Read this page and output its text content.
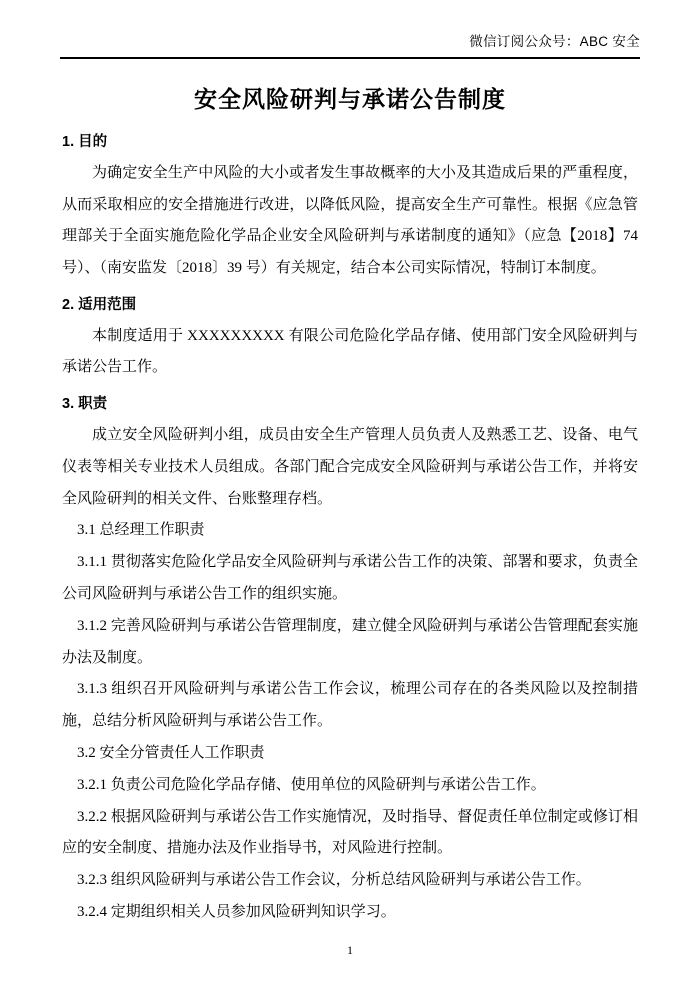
微信订阅公众号：ABC 安全
安全风险研判与承诺公告制度
1. 目的

为确定安全生产中风险的大小或者发生事故概率的大小及其造成后果的严重程度，从而采取相应的安全措施进行改进，以降低风险，提高安全生产可靠性。根据《应急管理部关于全面实施危险化学品企业安全风险研判与承诺制度的通知》（应急【2018】74号）、（南安监发〔2018〕39 号）有关规定，结合本公司实际情况，特制订本制度。

2. 适用范围

本制度适用于 XXXXXXXXX 有限公司危险化学品存储、使用部门安全风险研判与承诺公告工作。

3. 职责

成立安全风险研判小组，成员由安全生产管理人员负责人及熟悉工艺、设备、电气仪表等相关专业技术人员组成。各部门配合完成安全风险研判与承诺公告工作，并将安全风险研判的相关文件、台账整理存档。

3.1 总经理工作职责

3.1.1 贯彻落实危险化学品安全风险研判与承诺公告工作的决策、部署和要求，负责全公司风险研判与承诺公告工作的组织实施。

3.1.2 完善风险研判与承诺公告管理制度，建立健全风险研判与承诺公告管理配套实施办法及制度。

3.1.3 组织召开风险研判与承诺公告工作会议，梳理公司存在的各类风险以及控制措施，总结分析风险研判与承诺公告工作。

3.2 安全分管责任人工作职责

3.2.1 负责公司危险化学品存储、使用单位的风险研判与承诺公告工作。

3.2.2 根据风险研判与承诺公告工作实施情况，及时指导、督促责任单位制定或修订相应的安全制度、措施办法及作业指导书，对风险进行控制。

3.2.3 组织风险研判与承诺公告工作会议，分析总结风险研判与承诺公告工作。

3.2.4 定期组织相关人员参加风险研判知识学习。

1
